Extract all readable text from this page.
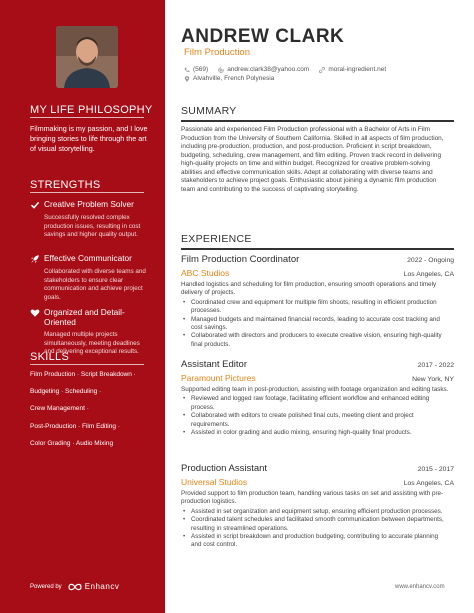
MY LIFE PHILOSOPHY
Filmmaking is my passion, and I love bringing stories to life through the art of visual storytelling.
STRENGTHS
Creative Problem Solver
Successfully resolved complex production issues, resulting in cost savings and higher quality output.
Effective Communicator
Collaborated with diverse teams and stakeholders to ensure clear communication and achieve project goals.
Organized and Detail-Oriented
Managed multiple projects simultaneously, meeting deadlines and delivering exceptional results.
SKILLS
Film Production · Script Breakdown ·
Budgeting · Scheduling ·
Crew Management ·
Post-Production · Film Editing ·
Color Grading · Audio Mixing
Powered by	Enhancv
ANDREW CLARK
Film Production
(569)	andrew.clark38@yahoo.com	moral-ingredient.net
Alvahville, French Polynesia
SUMMARY
Passionate and experienced Film Production professional with a Bachelor of Arts in Film Production from the University of Southern California. Skilled in all aspects of film production, including pre-production, production, and post-production. Proficient in script breakdown, budgeting, scheduling, crew management, and film editing. Proven track record in delivering high-quality projects on time and within budget. Recognized for creative problem-solving abilities and effective communication skills. Adept at collaborating with diverse teams and stakeholders to achieve project goals. Enthusiastic about joining a dynamic film production team and contributing to the success of captivating storytelling.
EXPERIENCE
Film Production Coordinator	2022 - Ongoing
ABC Studios	Los Angeles, CA
Handled logistics and scheduling for film production, ensuring smooth operations and timely delivery of projects.
• Coordinated crew and equipment for multiple film shoots, resulting in efficient production processes.
• Managed budgets and maintained financial records, leading to accurate cost tracking and cost savings.
• Collaborated with directors and producers to execute creative vision, ensuring high-quality final products.
Assistant Editor	2017 - 2022
Paramount Pictures	New York, NY
Supported editing team in post-production, assisting with footage organization and editing tasks.
• Reviewed and logged raw footage, facilitating efficient workflow and enhanced editing process.
• Collaborated with editors to create polished final cuts, meeting client and project requirements.
• Assisted in color grading and audio mixing, ensuring high-quality final products.
Production Assistant	2015 - 2017
Universal Studios	Los Angeles, CA
Provided support to film production team, handling various tasks on set and assisting with pre-production logistics.
• Assisted in set organization and equipment setup, ensuring efficient production processes.
• Coordinated talent schedules and facilitated smooth communication between departments, resulting in streamlined operations.
• Assisted in script breakdown and production budgeting, contributing to accurate planning and cost control.
www.enhancv.com
